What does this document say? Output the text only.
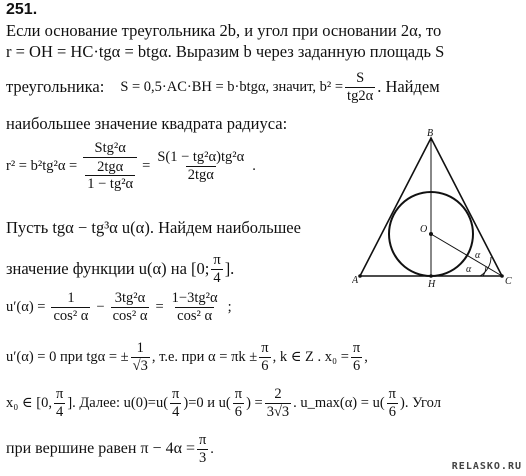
251.
Если основание треугольника 2b, и угол при основании 2α, то
r = OH = HC·tgα = btgα. Выразим b через заданную площадь S
треугольника: S = 0,5·AC·BH = b·btgα, значит, $b^2 = \frac{S}{tg2\alpha}$ . Найдем
наибольшее значение квадрата радиуса:
r² = b²tg²α = Stg²α
2tgα
$1 - tg^2\alpha = \frac{\text{S(1 − tg²α)tg²α}}{\text{2tgα}}$ .
Пусть tgα − tg³α u(α). Найдем наибольшее
значение функции u(α) на [0; $\frac{\pi}{4}$ ].
$u'(\alpha) = \frac{1}{\text{cos² α}} - \frac{\text{3tg²α}}{\text{cos² α}} = \frac{\text{1−3tg²α}}{\text{cos² α}}$ ;
u′(α) = 0 при tgα = ± $\frac{1}{√3}$ , т.е. при $\alpha = \pi k \pm \frac{\pi}{6}$ , k ∈ Z . $x_0 = \frac{\pi}{6}$ ,
x₀ ∈ [0, $\frac{\pi}{4}$ ]. Далее: $u(0)=u( \frac{\pi}{4} )=0$ и $u( \frac{\pi}{6}$ ) = $\frac{2}{3√3}$ . u_max(α) = $u( \frac{\pi}{6}$ ). Угол
при вершине равен $\pi - 4\alpha = \frac{\pi}{3}$ .
B
O
A	H	C
α
α
RELASKO.RU
